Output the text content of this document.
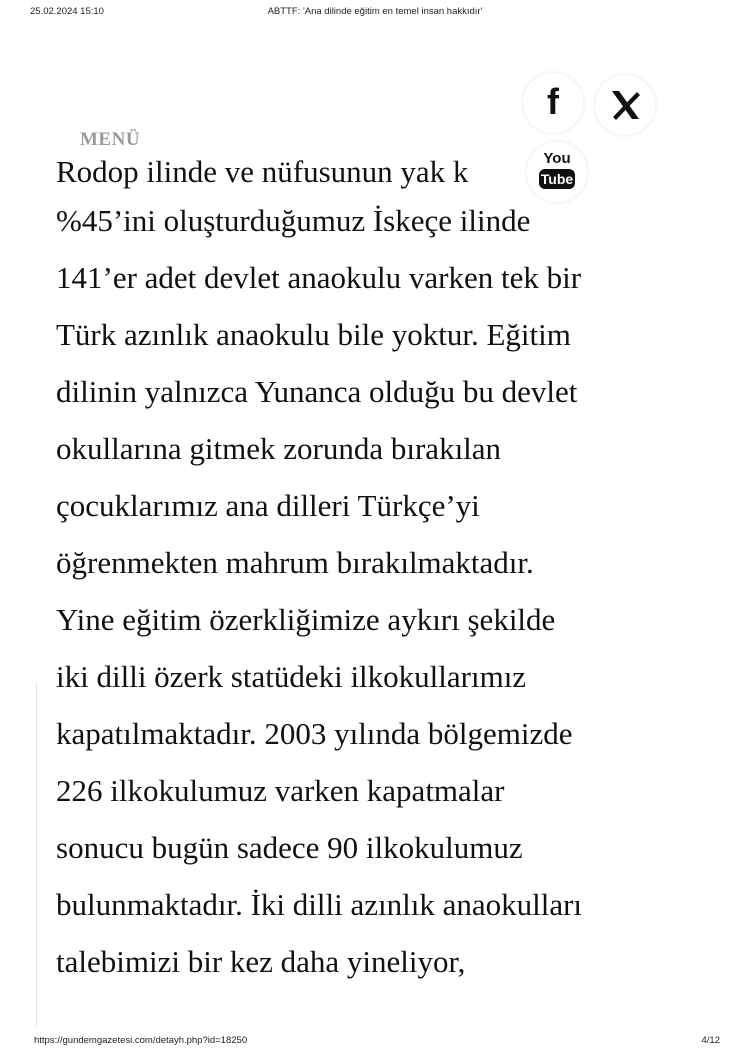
25.02.2024 15:10	ABTTF: 'Ana dilinde eğitim en temel insan hakkıdır'
MENÜ
f
You
Tube
Rodop ilinde ve nüfusunun yak k

%45’ini oluşturduğumuz İskeçe ilinde

141’er adet devlet anaokulu varken tek bir

Türk azınlık anaokulu bile yoktur. Eğitim

dilinin yalnızca Yunanca olduğu bu devlet

okullarına gitmek zorunda bırakılan

çocuklarımız ana dilleri Türkçe’yi

öğrenmekten mahrum bırakılmaktadır.

Yine eğitim özerkliğimize aykırı şekilde

iki dilli özerk statüdeki ilkokullarımız

kapatılmaktadır. 2003 yılında bölgemizde

226 ilkokulumuz varken kapatmalar

sonucu bugün sadece 90 ilkokulumuz

bulunmaktadır. İki dilli azınlık anaokulları

talebimizi bir kez daha yineliyor,

https://gundemgazetesi.com/detayh.php?id=18250	4/12
